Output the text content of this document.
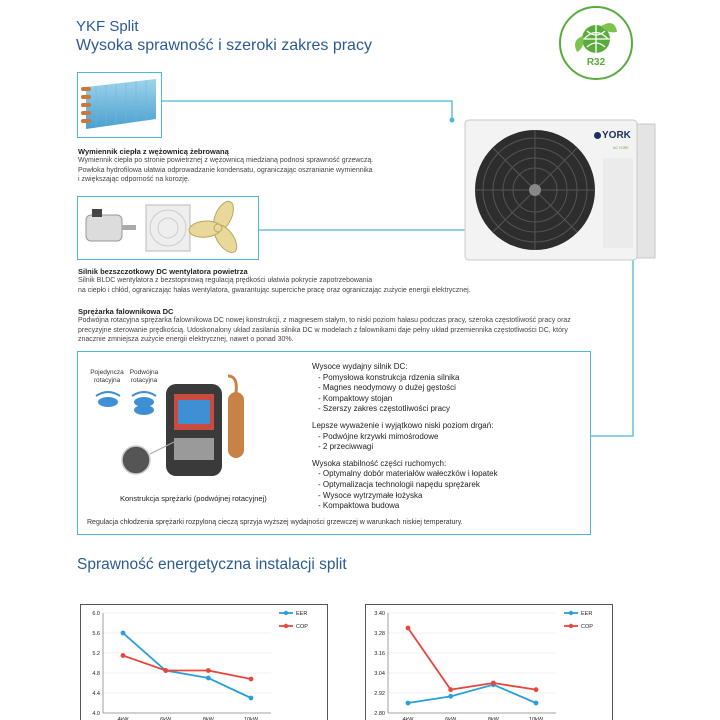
YKF Split
Wysoka sprawność i szeroki zakres pracy
R32
Wymiennik ciepła z wężownicą żebrowaną
Wymiennik ciepła po stronie powietrznej z wężownicą miedzianą podnosi sprawność grzewczą.
Powłoka hydrofilowa ułatwia odprowadzanie kondensatu, ograniczając oszranianie wymiennika
i zwiększając odporność na korozję.
YORK
AC YORK
Silnik bezszczotkowy DC wentylatora powietrza
Silnik BLDC wentylatora z bezstopniową regulacją prędkości ułatwia pokrycie zapotrzebowania
na ciepło i chłód, ograniczając hałas wentylatora, gwarantując superciche pracę oraz ograniczając zużycie energii elektrycznej.
Sprężarka falownikowa DC
Podwójna rotacyjna sprężarka falownikowa DC nowej konstrukcji, z magnesem stałym, to niski poziom hałasu podczas pracy, szeroka częstotliwość pracy oraz
precyzyjne sterowanie prędkością. Udoskonalony układ zasilania silnika DC w modelach z falownikami daje pełny układ przemiennika częstotliwości DC, który
znacznie zmniejsza zużycie energii elektrycznej, nawet o ponad 30%.
Pojedyncza
rotacyjna
Podwójna
rotacyjna
Konstrukcja sprężarki (podwójnej rotacyjnej)
Wysoce wydajny silnik DC:
- Pomysłowa konstrukcja rdzenia silnika
- Magnes neodymowy o dużej gęstości
- Kompaktowy stojan
- Szerszy zakres częstotliwości pracy
Lepsze wyważenie i wyjątkowo niski poziom drgań:
- Podwójne krzywki mimośrodowe
- 2 przeciwwagi
Wysoka stabilność części ruchomych:
- Optymalny dobór materiałów wałeczków i łopatek
- Optymalizacja technologii napędu sprężarek
- Wysoce wytrzymałe łożyska
- Kompaktowa budowa
Regulacja chłodzenia sprężarki rozpyloną cieczą sprzyja wyższej wydajności grzewczej w warunkach niskiej temperatury.
Sprawność energetyczna instalacji split
6.0
5.6
5.2
4.8
4.4
4.0
4kW	6kW	8kW	10kW
EER
COP
3.40
3.28
3.16
3.04
2.92
2.80
4kW	6kW	8kW	10kW
EER
COP
